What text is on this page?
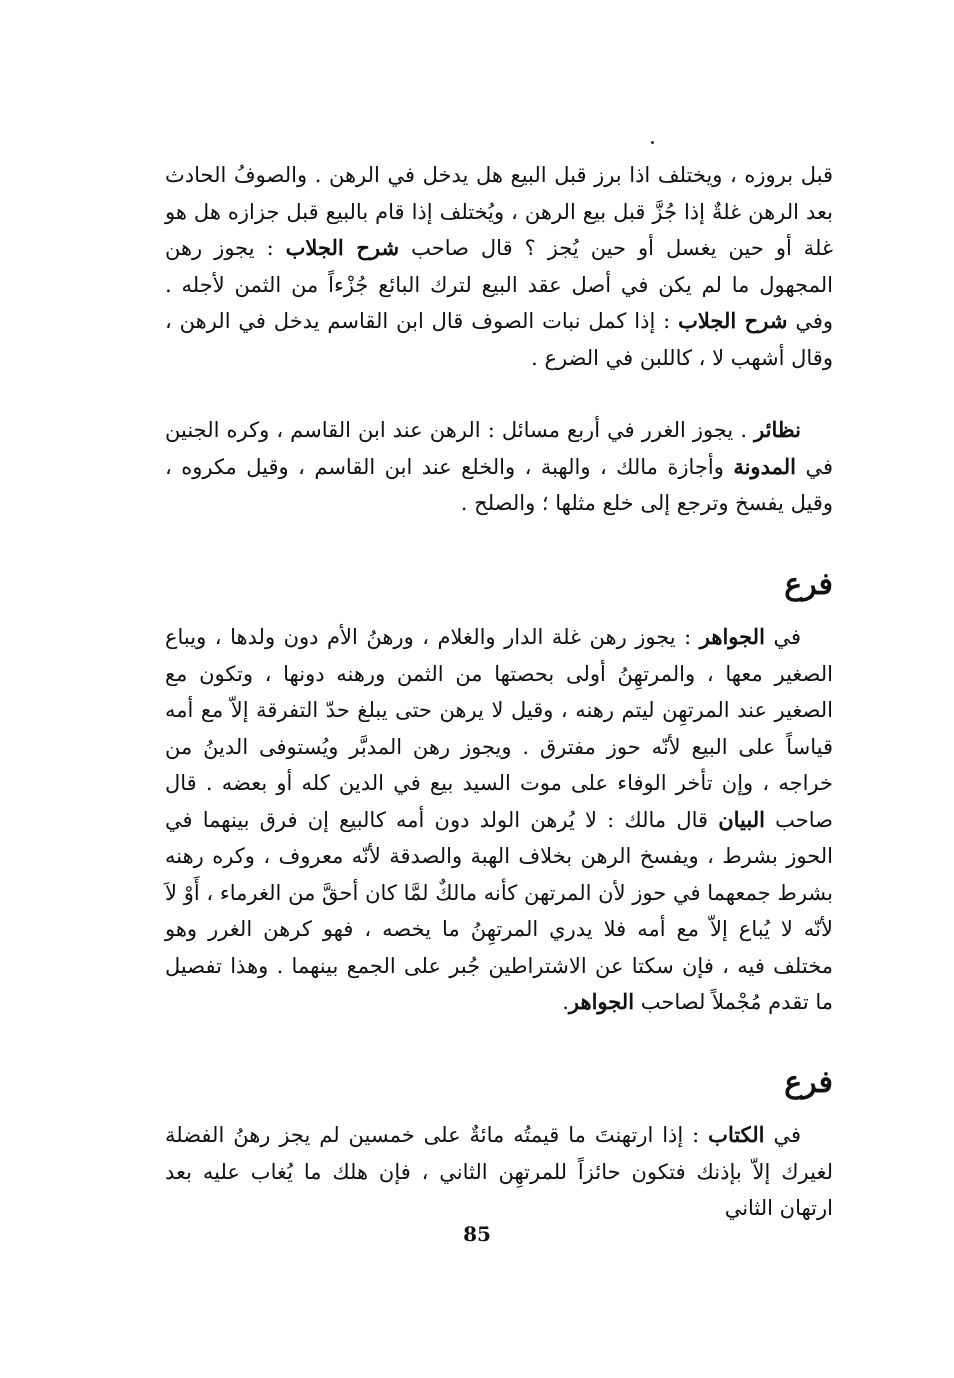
قبل بروزه ، ويختلف اذا برز قبل البيع هل يدخل في الرهن . والصوفُ الحادث بعد الرهن غلةٌ إذا جُزَّ قبل بيع الرهن ، ويُختلف إذا قام بالبيع قبل جزازه هل هو غلة أو حين يغسل أو حين يُجز ؟ قال صاحب شرح الجلاب : يجوز رهن المجهول ما لم يكن في أصل عقد البيع لترك البائع جُزْءاً من الثمن لأجله . وفي شرح الجلاب : إذا كمل نبات الصوف قال ابن القاسم يدخل في الرهن ، وقال أشهب لا ، كاللبن في الضرع .

نظائر . يجوز الغرر في أربع مسائل : الرهن عند ابن القاسم ، وكره الجنين في المدونة وأجازة مالك ، والهبة ، والخلع عند ابن القاسم ، وقيل مكروه ، وقيل يفسخ وترجع إلى خلع مثلها ؛ والصلح .

فرع

في الجواهر : يجوز رهن غلة الدار والغلام ، ورهنُ الأم دون ولدها ، ويباع الصغير معها ، والمرتهِنُ أولى بحصتها من الثمن ورهنه دونها ، وتكون مع الصغير عند المرتهِن ليتم رهنه ، وقيل لا يرهن حتى يبلغ حدّ التفرقة إلاّ مع أمه قياساً على البيع لأنّه حوز مفترق . ويجوز رهن المدبَّر ويُستوفى الدينُ من خراجه ، وإن تأخر الوفاء على موت السيد بيع في الدين كله أو بعضه . قال صاحب البيان قال مالك : لا يُرهن الولد دون أمه كالبيع إن فرق بينهما في الحوز بشرط ، ويفسخ الرهن بخلاف الهبة والصدقة لأنّه معروف ، وكره رهنه بشرط جمعهما في حوز لأن المرتهن كأنه مالكٌ لمَّا كان أحقَّ من الغرماء ، أَوْ لاَ لأنّه لا يُباع إلاّ مع أمه فلا يدري المرتهِنُ ما يخصه ، فهو كرهن الغرر وهو مختلف فيه ، فإن سكتا عن الاشتراطين جُبر على الجمع بينهما . وهذا تفصيل ما تقدم مُجْملاً لصاحب الجواهر.

فرع

في الكتاب : إذا ارتهنتَ ما قيمتُه مائةٌ على خمسين لم يجز رهنُ الفضلة لغيرك إلاّ بإذنك فتكون حائزاً للمرتهِن الثاني ، فإن هلك ما يُغاب عليه بعد ارتهان الثاني

85
